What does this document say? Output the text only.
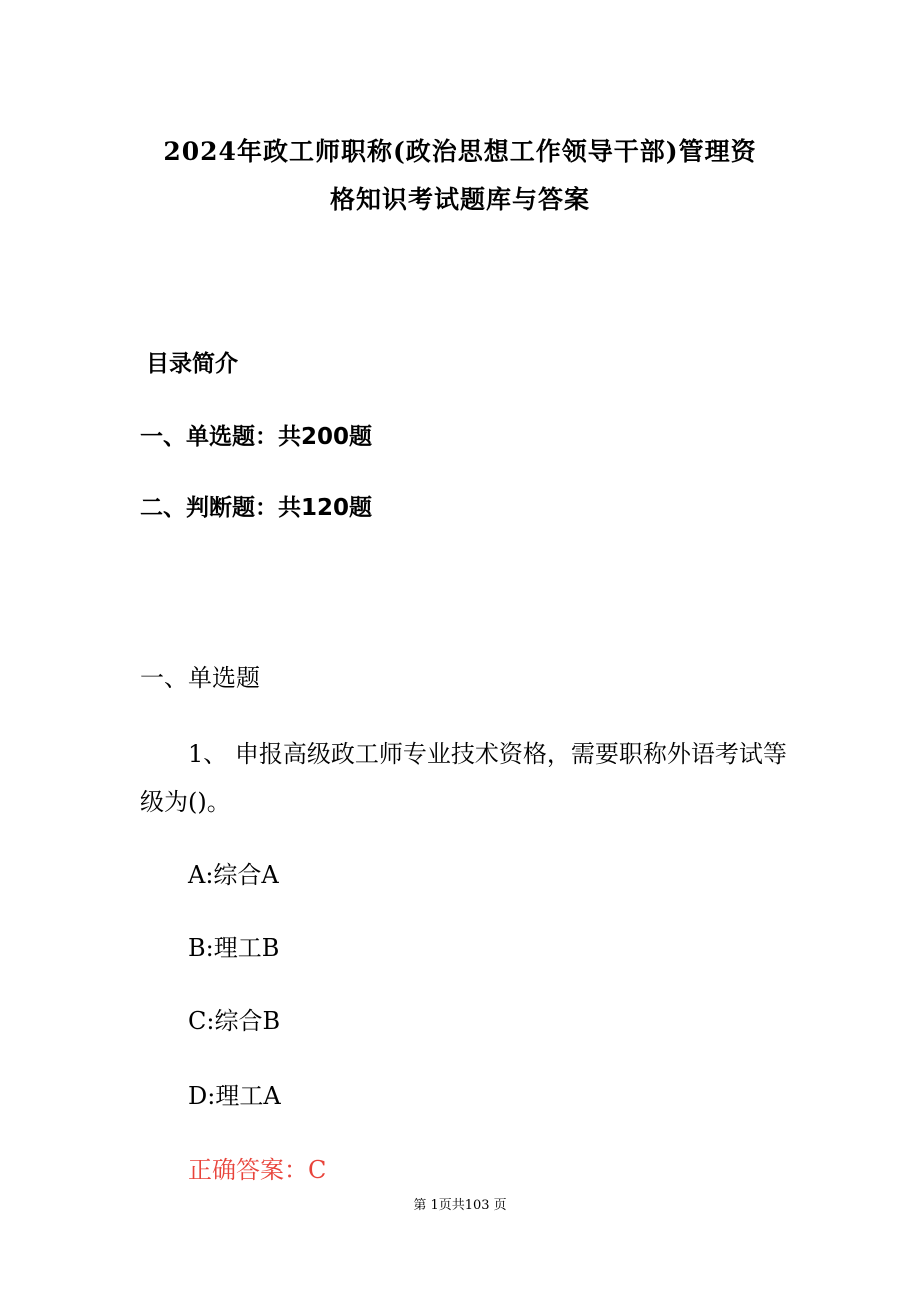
2024年政工师职称(政治思想工作领导干部)管理资
格知识考试题库与答案
目录简介
一、单选题：共200题
二、判断题：共120题
一、单选题
1、 申报高级政工师专业技术资格，需要职称外语考试等级为()。
A:综合A
B:理工B
C:综合B
D:理工A
正确答案：C
第 1页共103 页
